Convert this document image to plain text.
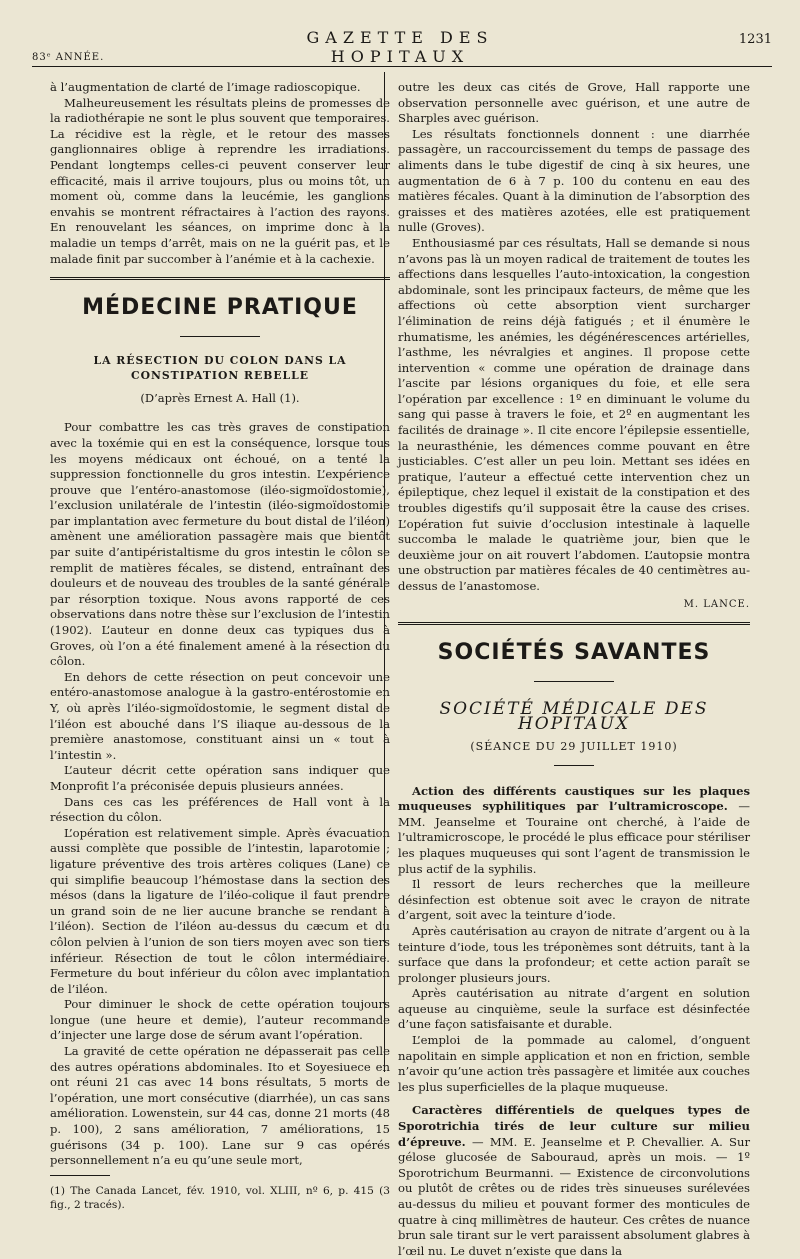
83ᵉ ANNÉE.
GAZETTE DES HOPITAUX
1231

à l’augmentation de clarté de l’image radioscopique.

Malheureusement les résultats pleins de promesses de la radiothérapie ne sont le plus souvent que temporaires. La récidive est la règle, et le retour des masses ganglionnaires oblige à reprendre les irradiations. Pendant longtemps celles-ci peuvent conserver leur efficacité, mais il arrive toujours, plus ou moins tôt, un moment où, comme dans la leucémie, les ganglions envahis se montrent réfractaires à l’action des rayons. En renouvelant les séances, on imprime donc à la maladie un temps d’arrêt, mais on ne la guérit pas, et le malade finit par succomber à l’anémie et à la cachexie.

MÉDECINE PRATIQUE
LA RÉSECTION DU COLON DANS LA CONSTIPATION REBELLE
(D’après Ernest A. Hall (1).

Pour combattre les cas très graves de constipation avec la toxémie qui en est la conséquence, lorsque tous les moyens médicaux ont échoué, on a tenté la suppression fonctionnelle du gros intestin. L’expérience prouve que l’entéro-anastomose (iléo-sigmoïdostomie), l’exclusion unilatérale de l’intestin (iléo-sigmoïdostomie par implantation avec fermeture du bout distal de l’iléon) amènent une amélioration passagère mais que bientôt par suite d’antipéristaltisme du gros intestin le côlon se remplit de matières fécales, se distend, entraînant des douleurs et de nouveau des troubles de la santé générale par résorption toxique. Nous avons rapporté de ces observations dans notre thèse sur l’exclusion de l’intestin (1902). L’auteur en donne deux cas typiques dus à Groves, où l’on a été finalement amené à la résection du côlon.

En dehors de cette résection on peut concevoir une entéro-anastomose analogue à la gastro-entérostomie en Y, où après l’iléo-sigmoïdostomie, le segment distal de l’iléon est abouché dans l’S iliaque au-dessous de la première anastomose, constituant ainsi un « tout à l’intestin ».

L’auteur décrit cette opération sans indiquer que Monprofit l’a préconisée depuis plusieurs années.

Dans ces cas les préférences de Hall vont à la résection du côlon.

L’opération est relativement simple. Après évacuation aussi complète que possible de l’intestin, laparotomie ; ligature préventive des trois artères coliques (Lane) ce qui simplifie beaucoup l’hémostase dans la section des mésos (dans la ligature de l’iléo-colique il faut prendre un grand soin de ne lier aucune branche se rendant à l’iléon). Section de l’iléon au-dessus du cæcum et du côlon pelvien à l’union de son tiers moyen avec son tiers inférieur. Résection de tout le côlon intermédiaire. Fermeture du bout inférieur du côlon avec implantation de l’iléon.

Pour diminuer le shock de cette opération toujours longue (une heure et demie), l’auteur recommande d’injecter une large dose de sérum avant l’opération.

La gravité de cette opération ne dépasserait pas celle des autres opérations abdominales. Ito et Soyesiuece en ont réuni 21 cas avec 14 bons résultats, 5 morts de l’opération, une mort consécutive (diarrhée), un cas sans amélioration. Lowenstein, sur 44 cas, donne 21 morts (48 p. 100), 2 sans amélioration, 7 améliorations, 15 guérisons (34 p. 100). Lane sur 9 cas opérés personnellement n’a eu qu’une seule mort,

(1) The Canada Lancet, fév. 1910, vol. XLIII, nº 6, p. 415 (3 fig., 2 tracés).

outre les deux cas cités de Grove, Hall rapporte une observation personnelle avec guérison, et une autre de Sharples avec guérison.

Les résultats fonctionnels donnent : une diarrhée passagère, un raccourcissement du temps de passage des aliments dans le tube digestif de cinq à six heures, une augmentation de 6 à 7 p. 100 du contenu en eau des matières fécales. Quant à la diminution de l’absorption des graisses et des matières azotées, elle est pratiquement nulle (Groves).

Enthousiasmé par ces résultats, Hall se demande si nous n’avons pas là un moyen radical de traitement de toutes les affections dans lesquelles l’auto-intoxication, la congestion abdominale, sont les principaux facteurs, de même que les affections où cette absorption vient surcharger l’élimination de reins déjà fatigués ; et il énumère le rhumatisme, les anémies, les dégénérescences artérielles, l’asthme, les névralgies et angines. Il propose cette intervention « comme une opération de drainage dans l’ascite par lésions organiques du foie, et elle sera l’opération par excellence : 1º en diminuant le volume du sang qui passe à travers le foie, et 2º en augmentant les facilités de drainage ». Il cite encore l’épilepsie essentielle, la neurasthénie, les démences comme pouvant en être justiciables. C’est aller un peu loin. Mettant ses idées en pratique, l’auteur a effectué cette intervention chez un épileptique, chez lequel il existait de la constipation et des troubles digestifs qu’il supposait être la cause des crises. L’opération fut suivie d’occlusion intestinale à laquelle succomba le malade le quatrième jour, bien que le deuxième jour on ait rouvert l’abdomen. L’autopsie montra une obstruction par matières fécales de 40 centimètres au-dessus de l’anastomose.

M. LANCE.
SOCIÉTÉS SAVANTES
SOCIÉTÉ MÉDICALE DES HOPITAUX
(SÉANCE DU 29 JUILLET 1910)

Action des différents caustiques sur les plaques muqueuses syphilitiques par l’ultramicroscope. — MM. Jeanselme et Touraine ont cherché, à l’aide de l’ultramicroscope, le procédé le plus efficace pour stériliser les plaques muqueuses qui sont l’agent de transmission le plus actif de la syphilis.

Il ressort de leurs recherches que la meilleure désinfection est obtenue soit avec le crayon de nitrate d’argent, soit avec la teinture d’iode.

Après cautérisation au crayon de nitrate d’argent ou à la teinture d’iode, tous les tréponèmes sont détruits, tant à la surface que dans la profondeur; et cette action paraît se prolonger plusieurs jours.

Après cautérisation au nitrate d’argent en solution aqueuse au cinquième, seule la surface est désinfectée d’une façon satisfaisante et durable.

L’emploi de la pommade au calomel, d’onguent napolitain en simple application et non en friction, semble n’avoir qu’une action très passagère et limitée aux couches les plus superficielles de la plaque muqueuse.

Caractères différentiels de quelques types de Sporotrichia tirés de leur culture sur milieu d’épreuve. — MM. E. Jeanselme et P. Chevallier. A. Sur gélose glucosée de Sabouraud, après un mois. — 1º Sporotrichum Beurmanni. — Existence de circonvolutions ou plutôt de crêtes ou de rides très sinueuses surélevées au-dessus du milieu et pouvant former des monticules de quatre à cinq millimètres de hauteur. Ces crêtes de nuance brun sale tirant sur le vert paraissent absolument glabres à l’œil nu. Le duvet n’existe que dans la
